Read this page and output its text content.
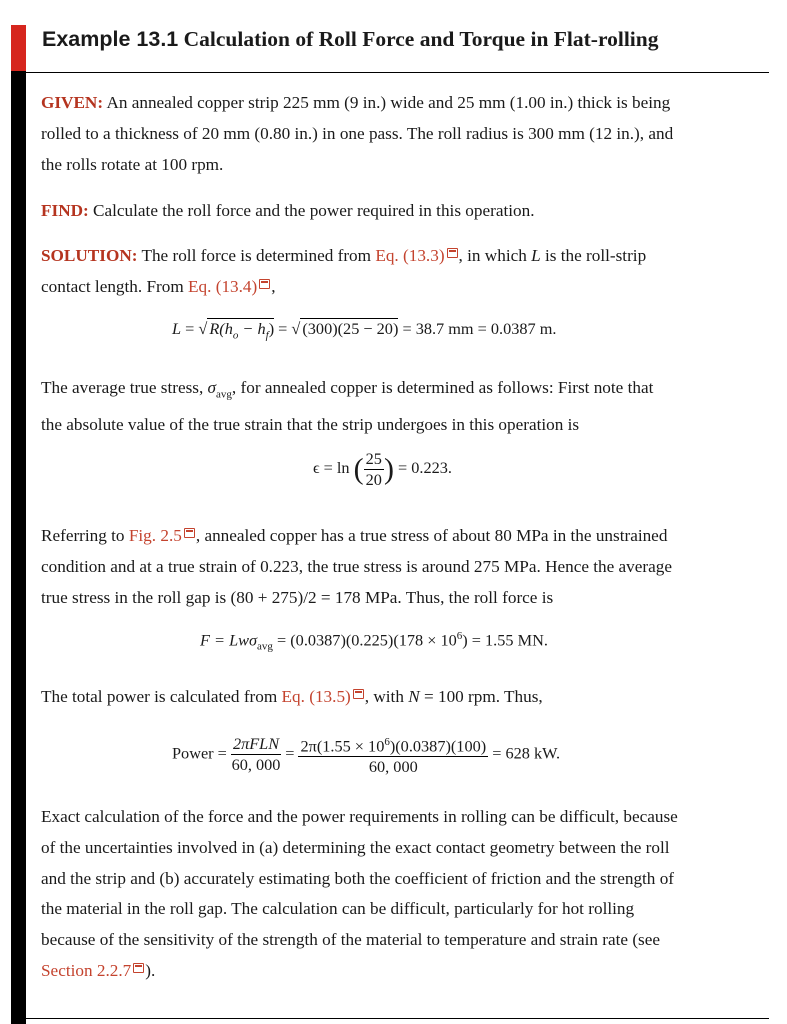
Example 13.1 Calculation of Roll Force and Torque in Flat-rolling
GIVEN: An annealed copper strip 225 mm (9 in.) wide and 25 mm (1.00 in.) thick is being
rolled to a thickness of 20 mm (0.80 in.) in one pass. The roll radius is 300 mm (12 in.), and
the rolls rotate at 100 rpm.
FIND: Calculate the roll force and the power required in this operation.
SOLUTION: The roll force is determined from Eq. (13.3) , in which L is the roll-strip
contact length. From Eq. (13.4) ,
L = √ $R(h_o - h_f)$ = √ (300)(25 − 20) = 38.7 mm = 0.0387 m.
The average true stress, $\sigma_{avg}$, for annealed copper is determined as follows: First note that
the absolute value of the true strain that the strip undergoes in this operation is
ϵ = ln ( $\frac{25}{20}$ ) = 0.223.
Referring to Fig. 2.5 , annealed copper has a true stress of about 80 MPa in the unstrained
condition and at a true strain of 0.223, the true stress is around 275 MPa. Hence the average
true stress in the roll gap is (80 + 275)/2 = 178 MPa. Thus, the roll force is
$F = Lw\sigma_{avg} = (0.0387)(0.225)(178 \times 10^6) = 1.55$ MN.
The total power is calculated from Eq. (13.5) , with N = 100 rpm. Thus,
Power = $\frac{\text{2πFLN}}{60, 000} = \frac{2\pi(1.55 \times 10^6)(0.0387)(100)}{60, 000} = 628$ kW.
Exact calculation of the force and the power requirements in rolling can be difficult, because
of the uncertainties involved in (a) determining the exact contact geometry between the roll
and the strip and (b) accurately estimating both the coefficient of friction and the strength of
the material in the roll gap. The calculation can be difficult, particularly for hot rolling
because of the sensitivity of the strength of the material to temperature and strain rate (see
Section 2.2.7 ).
